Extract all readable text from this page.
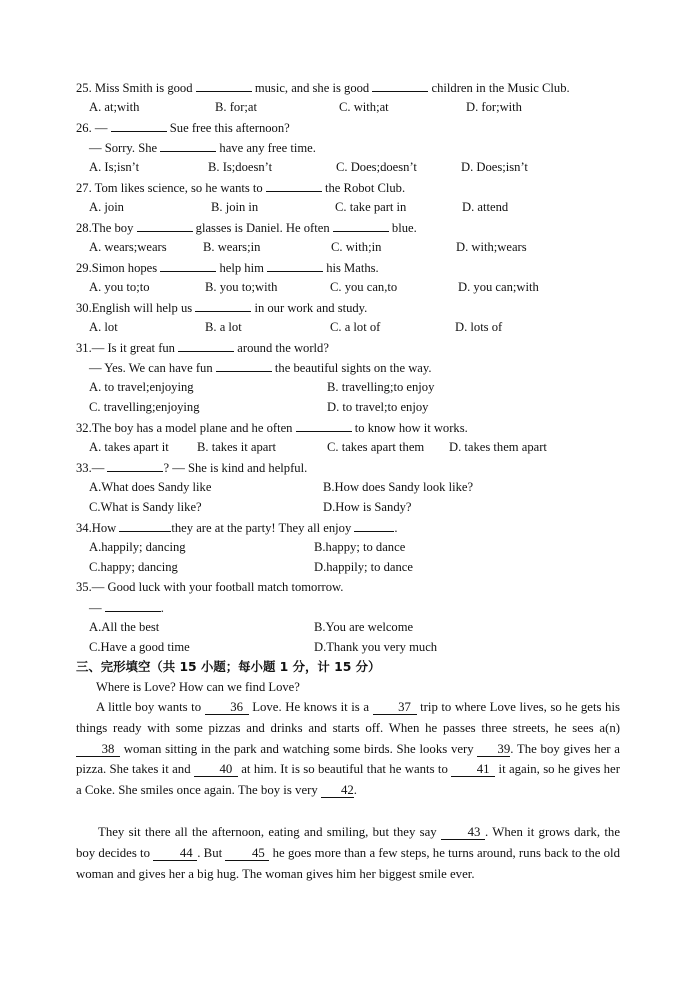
25. Miss Smith is good	music, and she is good	children in the Music Club.
A. at;with	B. for;at	C. with;at	D. for;with
26. —	Sue free this afternoon?
— Sorry. She	have any free time.
A. Is;isn’t	B. Is;doesn’t	C. Does;doesn’t	D. Does;isn’t
27. Tom likes science, so he wants to	the Robot Club.
A. join	B. join in	C. take part in	D. attend
28.The boy	glasses is Daniel. He often	blue.
A. wears;wears	B. wears;in	C. with;in	D. with;wears
29.Simon hopes	help him	his Maths.
A. you to;to	B. you to;with	C. you can,to	D. you can;with
30.English will help us	in our work and study.
A. lot	B. a lot	C. a lot of	D. lots of
31.— Is it great fun	around the world?
— Yes. We can have fun	the beautiful sights on the way.
A. to travel;enjoying	B. travelling;to enjoy
C. travelling;enjoying	D. to travel;to enjoy
32.The boy has a model plane and he often	to know how it works.
A. takes apart it B. takes it apart	C. takes apart them D. takes them apart
33.—	? — She is kind and helpful.
A.What does Sandy like	B.How does Sandy look like?
C.What is Sandy like?	D.How is Sandy?
34.How	they are at the party! They all enjoy	.
A.happily; dancing	B.happy; to dance
C.happy; dancing	D.happily; to dance
35.— Good luck with your football match tomorrow.
—	.
A.All the best	B.You are welcome
C.Have a good time	D.Thank you very much
三、完形填空（共 15 小题；每小题 1 分，计 15 分）
Where is Love? How can we find Love?
A little boy wants to 36 Love. He knows it is a 37 trip to where Love lives, so he gets his things ready with some pizzas and drinks and starts off. When he passes three streets, he sees a(n) 38 woman sitting in the park and watching some birds. She looks very 39. The boy gives her a pizza. She takes it and 40 at him. It is so beautiful that he wants to 41 it again, so he gives her a Coke. She smiles once again. The boy is very 42.
They sit there all the afternoon, eating and smiling, but they say 43 . When it grows dark, the boy decides to 44 . But 45 he goes more than a few steps, he turns around, runs back to the old woman and gives her a big hug. The woman gives him her biggest smile ever.
